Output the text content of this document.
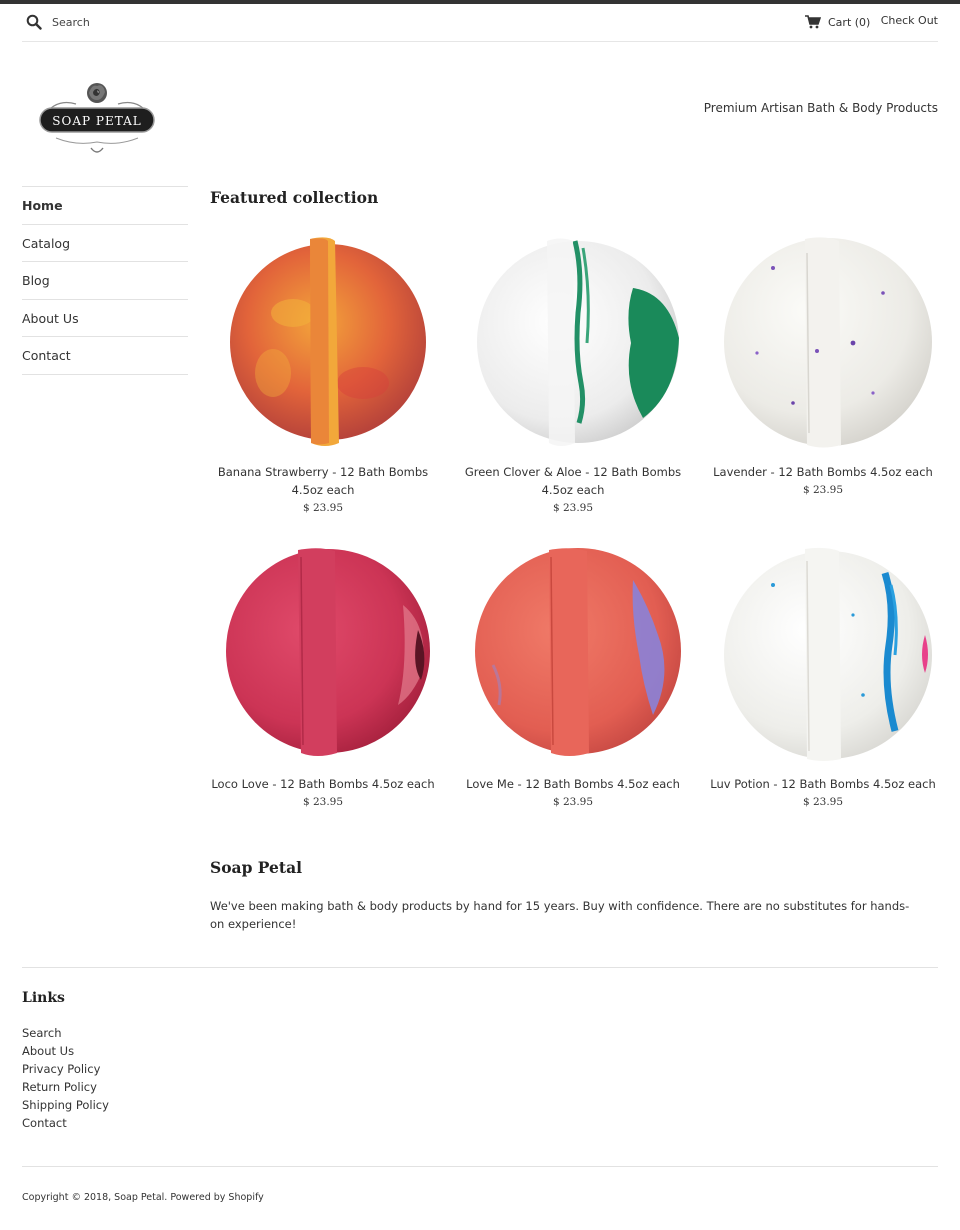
Search
Cart (0) Check Out
SOAP PETAL
Premium Artisan Bath & Body Products
Home
Catalog
Blog
About Us
Contact
Featured collection
Banana Strawberry - 12 Bath Bombs 4.5oz each
$ 23.95
Green Clover & Aloe - 12 Bath Bombs 4.5oz each
$ 23.95
Lavender - 12 Bath Bombs 4.5oz each
$ 23.95
Loco Love - 12 Bath Bombs 4.5oz each
$ 23.95
Love Me - 12 Bath Bombs 4.5oz each
$ 23.95
Luv Potion - 12 Bath Bombs 4.5oz each
$ 23.95
Soap Petal

We've been making bath & body products by hand for 15 years. Buy with confidence. There are no substitutes for hands-on experience!

Links
Search
About Us
Privacy Policy
Return Policy
Shipping Policy
Contact
Copyright © 2018, Soap Petal. Powered by Shopify
